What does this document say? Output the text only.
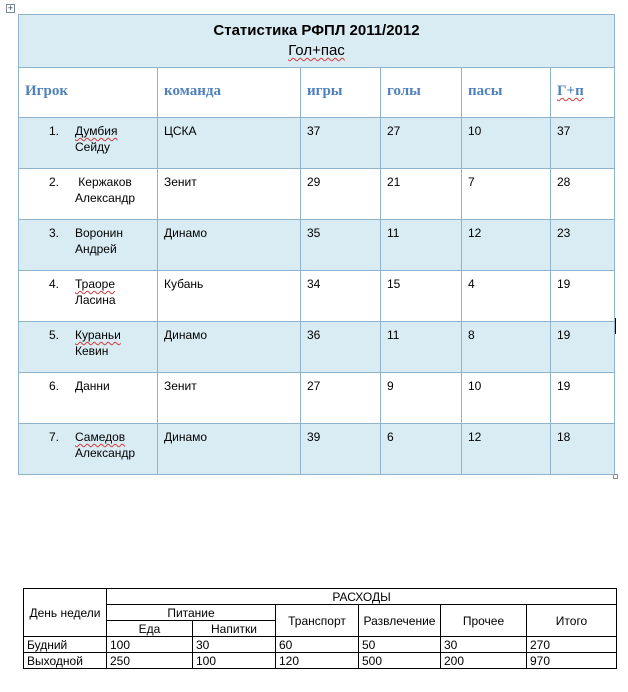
+
Статистика РФПЛ 2011/2012
Гол+пас					

Игрок	команда	игры	голы	пасы	Г+п

1. Думбия
Сейду	ЦСКА	37	27	10	37

2. Кержаков
Александр	Зенит	29	21	7	28

3. Воронин
Андрей	Динамо	35	11	12	23

4. Траоре
Ласина	Кубань	34	15	4	19

5. Кураньи
Кевин	Динамо	36	11	8	19

6. Данни	Зенит	27	9	10	19

7. Самедов
Александр	Динамо	39	6	12	18
День недели	РАСХОДЫ					
	Питание		Транспорт	Развлечение	Прочее	Итого
	Еда	Напитки				
Будний	100	30	60	50	30	270
Выходной	250	100	120	500	200	970
